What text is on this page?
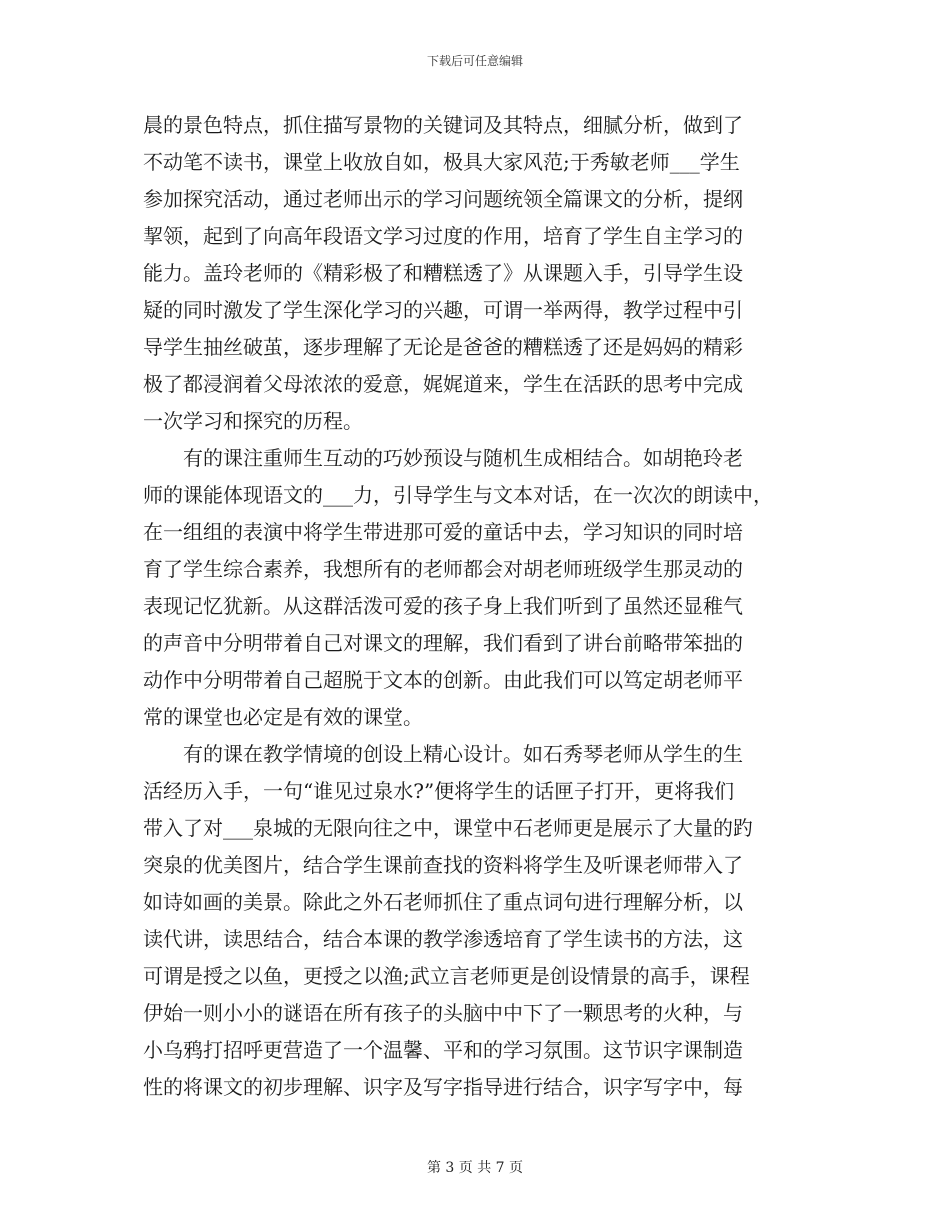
下载后可任意编辑
晨的景色特点，抓住描写景物的关键词及其特点，细腻分析，做到了
不动笔不读书，课堂上收放自如，极具大家风范;于秀敏老师___学生
参加探究活动，通过老师出示的学习问题统领全篇课文的分析，提纲
挈领，起到了向高年段语文学习过度的作用，培育了学生自主学习的
能力。盖玲老师的《精彩极了和糟糕透了》从课题入手，引导学生设
疑的同时激发了学生深化学习的兴趣，可谓一举两得，教学过程中引
导学生抽丝破茧，逐步理解了无论是爸爸的糟糕透了还是妈妈的精彩
极了都浸润着父母浓浓的爱意，娓娓道来，学生在活跃的思考中完成
一次学习和探究的历程。
　　有的课注重师生互动的巧妙预设与随机生成相结合。如胡艳玲老
师的课能体现语文的___力，引导学生与文本对话，在一次次的朗读中，
在一组组的表演中将学生带进那可爱的童话中去，学习知识的同时培
育了学生综合素养，我想所有的老师都会对胡老师班级学生那灵动的
表现记忆犹新。从这群活泼可爱的孩子身上我们听到了虽然还显稚气
的声音中分明带着自己对课文的理解，我们看到了讲台前略带笨拙的
动作中分明带着自己超脱于文本的创新。由此我们可以笃定胡老师平
常的课堂也必定是有效的课堂。
　　有的课在教学情境的创设上精心设计。如石秀琴老师从学生的生
活经历入手，一句“谁见过泉水?”便将学生的话匣子打开，更将我们
带入了对___泉城的无限向往之中，课堂中石老师更是展示了大量的趵
突泉的优美图片，结合学生课前查找的资料将学生及听课老师带入了
如诗如画的美景。除此之外石老师抓住了重点词句进行理解分析，以
读代讲，读思结合，结合本课的教学渗透培育了学生读书的方法，这
可谓是授之以鱼，更授之以渔;武立言老师更是创设情景的高手，课程
伊始一则小小的谜语在所有孩子的头脑中中下了一颗思考的火种，与
小乌鸦打招呼更营造了一个温馨、平和的学习氛围。这节识字课制造
性的将课文的初步理解、识字及写字指导进行结合，识字写字中，每
第 3 页 共 7 页
